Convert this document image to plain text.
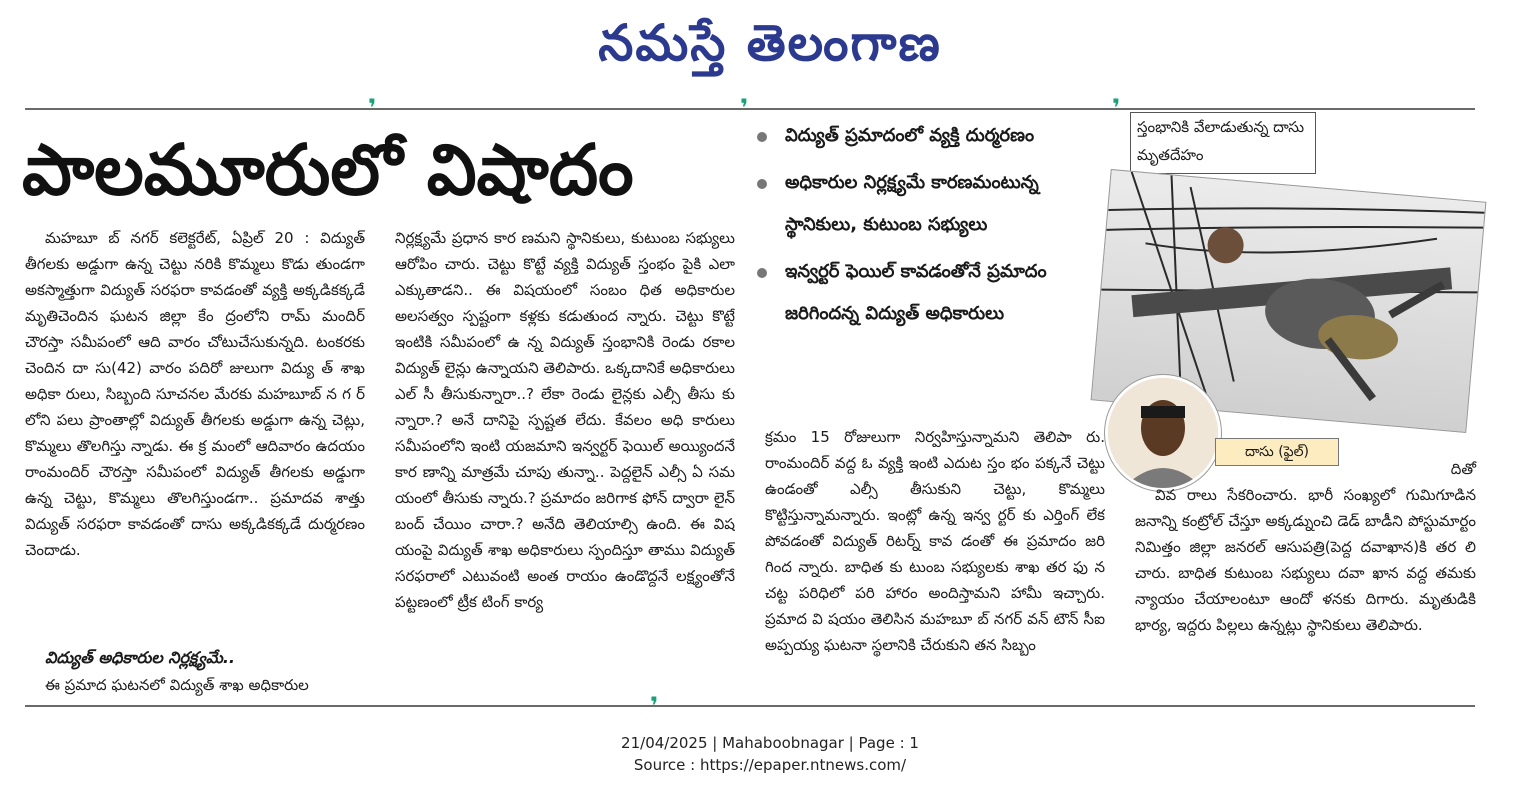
నమస్తే తెలంగాణ
❜	❜	❜
పాలమూరులో విషాదం

మహబూ బ్ నగర్ కలెక్టరేట్, ఏప్రిల్ 20 : విద్యుత్ తీగలకు అడ్డుగా ఉన్న చెట్టు నరికి కొమ్మలు కొడు తుండగా అకస్మాత్తుగా విద్యుత్ సరఫరా కావడంతో వ్యక్తి అక్కడికక్కడే మృతిచెందిన ఘటన జిల్లా కేం ద్రంలోని రామ్ మందిర్ చౌరస్తా సమీపంలో ఆది వారం చోటుచేసుకున్నది. టంకరకు చెందిన దా సు(42) వారం పదిరో జులుగా విద్యు త్ శాఖ అధికా రులు, సిబ్బంది సూచనల మేరకు మహబూబ్ న గ ర్ లోని పలు ప్రాంతాల్లో విద్యుత్ తీగలకు అడ్డుగా ఉన్న చెట్లు, కొమ్మలు తొలగిస్తు న్నాడు. ఈ క్ర మంలో ఆదివారం ఉదయం రాంమందిర్ చౌరస్తా సమీపంలో విద్యుత్ తీగలకు అడ్డుగా ఉన్న చెట్టు, కొమ్మలు తొలగిస్తుండగా.. ప్రమాదవ శాత్తు విద్యుత్ సరఫరా కావడంతో దాసు అక్కడికక్కడే దుర్మరణం చెందాడు.

విద్యుత్ అధికారుల నిర్లక్ష్యమే..

ఈ ప్రమాద ఘటనలో విద్యుత్ శాఖ అధికారుల

నిర్లక్ష్యమే ప్రధాన కార ణమని స్థానికులు, కుటుంబ సభ్యులు ఆరోపిం చారు. చెట్టు కొట్టే వ్యక్తి విద్యుత్ స్తంభం పైకి ఎలా ఎక్కుతాడని.. ఈ విషయంలో సంబం ధిత అధికారుల అలసత్వం స్పష్టంగా కళ్లకు కడుతుంద న్నారు. చెట్టు కొట్టే ఇంటికి సమీపంలో ఉ న్న విద్యుత్ స్తంభానికి రెండు రకాల విద్యుత్ లైన్లు ఉన్నాయని తెలిపారు. ఒక్కదానికే అధికారులు ఎల్ సీ తీసుకున్నారా..? లేకా రెండు లైన్లకు ఎల్సీ తీసు కు న్నారా.? అనే దానిపై స్పష్టత లేదు. కేవలం అధి కారులు సమీపంలోని ఇంటి యజమాని ఇన్వర్టర్ ఫెయిల్ అయ్యిందనే కార ణాన్ని మాత్రమే చూపు తున్నా.. పెద్దలైన్ ఎల్సీ ఏ సమ యంలో తీసుకు న్నారు.? ప్రమాదం జరిగాక ఫోన్ ద్వారా లైన్ బంద్ చేయిం చారా.? అనేది తెలియాల్సి ఉంది. ఈ విష యంపై విద్యుత్ శాఖ అధికారులు స్పందిస్తూ తాము విద్యుత్ సరఫరాలో ఎటువంటి అంత రాయం ఉండొద్దనే లక్ష్యంతోనే పట్టణంలో ట్రీక టింగ్ కార్య

విద్యుత్ ప్రమాదంలో వ్యక్తి దుర్మరణం
అధికారుల నిర్లక్ష్యమే కారణమంటున్న స్థానికులు, కుటుంబ సభ్యులు
ఇన్వర్టర్ ఫెయిల్ కావడంతోనే ప్రమాదం జరిగిందన్న విద్యుత్ అధికారులు

క్రమం 15 రోజులుగా నిర్వహిస్తున్నామని తెలిపా రు. రాంమందిర్ వద్ద ఓ వ్యక్తి ఇంటి ఎదుట స్తం భం పక్కనే చెట్టు ఉండంతో ఎల్సీ తీసుకుని చెట్టు, కొమ్మలు కొట్టిస్తున్నామన్నారు. ఇంట్లో ఉన్న ఇన్వ ర్టర్ కు ఎర్తింగ్ లేక పోవడంతో విద్యుత్ రిటర్న్ కావ డంతో ఈ ప్రమాదం జరి గింద న్నారు. బాధిత కు టుంబ సభ్యులకు శాఖ తర ఫు న చట్ట పరిధిలో పరి హారం అందిస్తామని హామీ ఇచ్చారు. ప్రమాద వి షయం తెలిసిన మహబూ బ్ నగర్ వన్ టౌన్ సీఐ అప్పయ్య ఘటనా స్థలానికి చేరుకుని తన సిబ్బం

స్తంభానికి వేలాడుతున్న దాసు మృతదేహం
దాసు (ఫైల్)

దితో

వివ రాలు సేకరించారు. భారీ సంఖ్యలో గుమిగూడిన జనాన్ని కంట్రోల్ చేస్తూ అక్కడ్నుంచి డెడ్ బాడీని పోస్టుమార్టం నిమిత్తం జిల్లా జనరల్ ఆసుపత్రి(పెద్ద దవాఖాన)కి తర లి చారు. బాధిత కుటుంబ సభ్యులు దవా ఖాన వద్ద తమకు న్యాయం చేయాలంటూ ఆందో ళనకు దిగారు. మృతుడికి భార్య, ఇద్దరు పిల్లలు ఉన్నట్లు స్థానికులు తెలిపారు.

❜
21/04/2025 | Mahaboobnagar | Page : 1
Source : https://epaper.ntnews.com/
